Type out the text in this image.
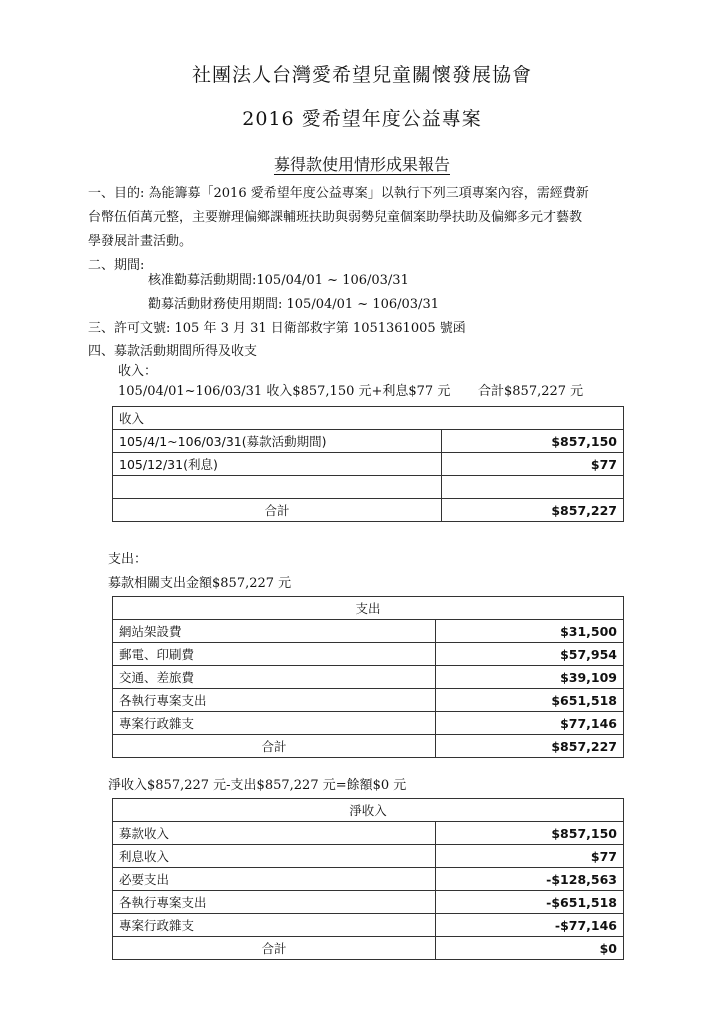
社團法人台灣愛希望兒童關懷發展協會
2016 愛希望年度公益專案
募得款使用情形成果報告
一、目的: 為能籌募「2016 愛希望年度公益專案」以執行下列三項專案內容，需經費新
台幣伍佰萬元整，主要辦理偏鄉課輔班扶助與弱勢兒童個案助學扶助及偏鄉多元才藝教
學發展計畫活動。
二、期間:
核准勸募活動期間:105/04/01 ~ 106/03/31
勸募活動財務使用期間: 105/04/01 ~ 106/03/31
三、許可文號: 105 年 3 月 31 日衛部救字第 1051361005 號函
四、募款活動期間所得及收支
收入：
105/04/01~106/03/31 收入$857,150 元+利息$77 元 合計$857,227 元
收入	
105/4/1~106/03/31(募款活動期間)	$857,150
105/12/31(利息)	$77

合計	$857,227
支出：
募款相關支出金額$857,227 元
支出	
網站架設費	$31,500
郵電、印刷費	$57,954
交通、差旅費	$39,109
各執行專案支出	$651,518
專案行政雜支	$77,146
合計	$857,227
淨收入$857,227 元-支出$857,227 元=餘額$0 元
淨收入	
募款收入	$857,150
利息收入	$77
必要支出	-$128,563
各執行專案支出	-$651,518
專案行政雜支	-$77,146
合計	$0
